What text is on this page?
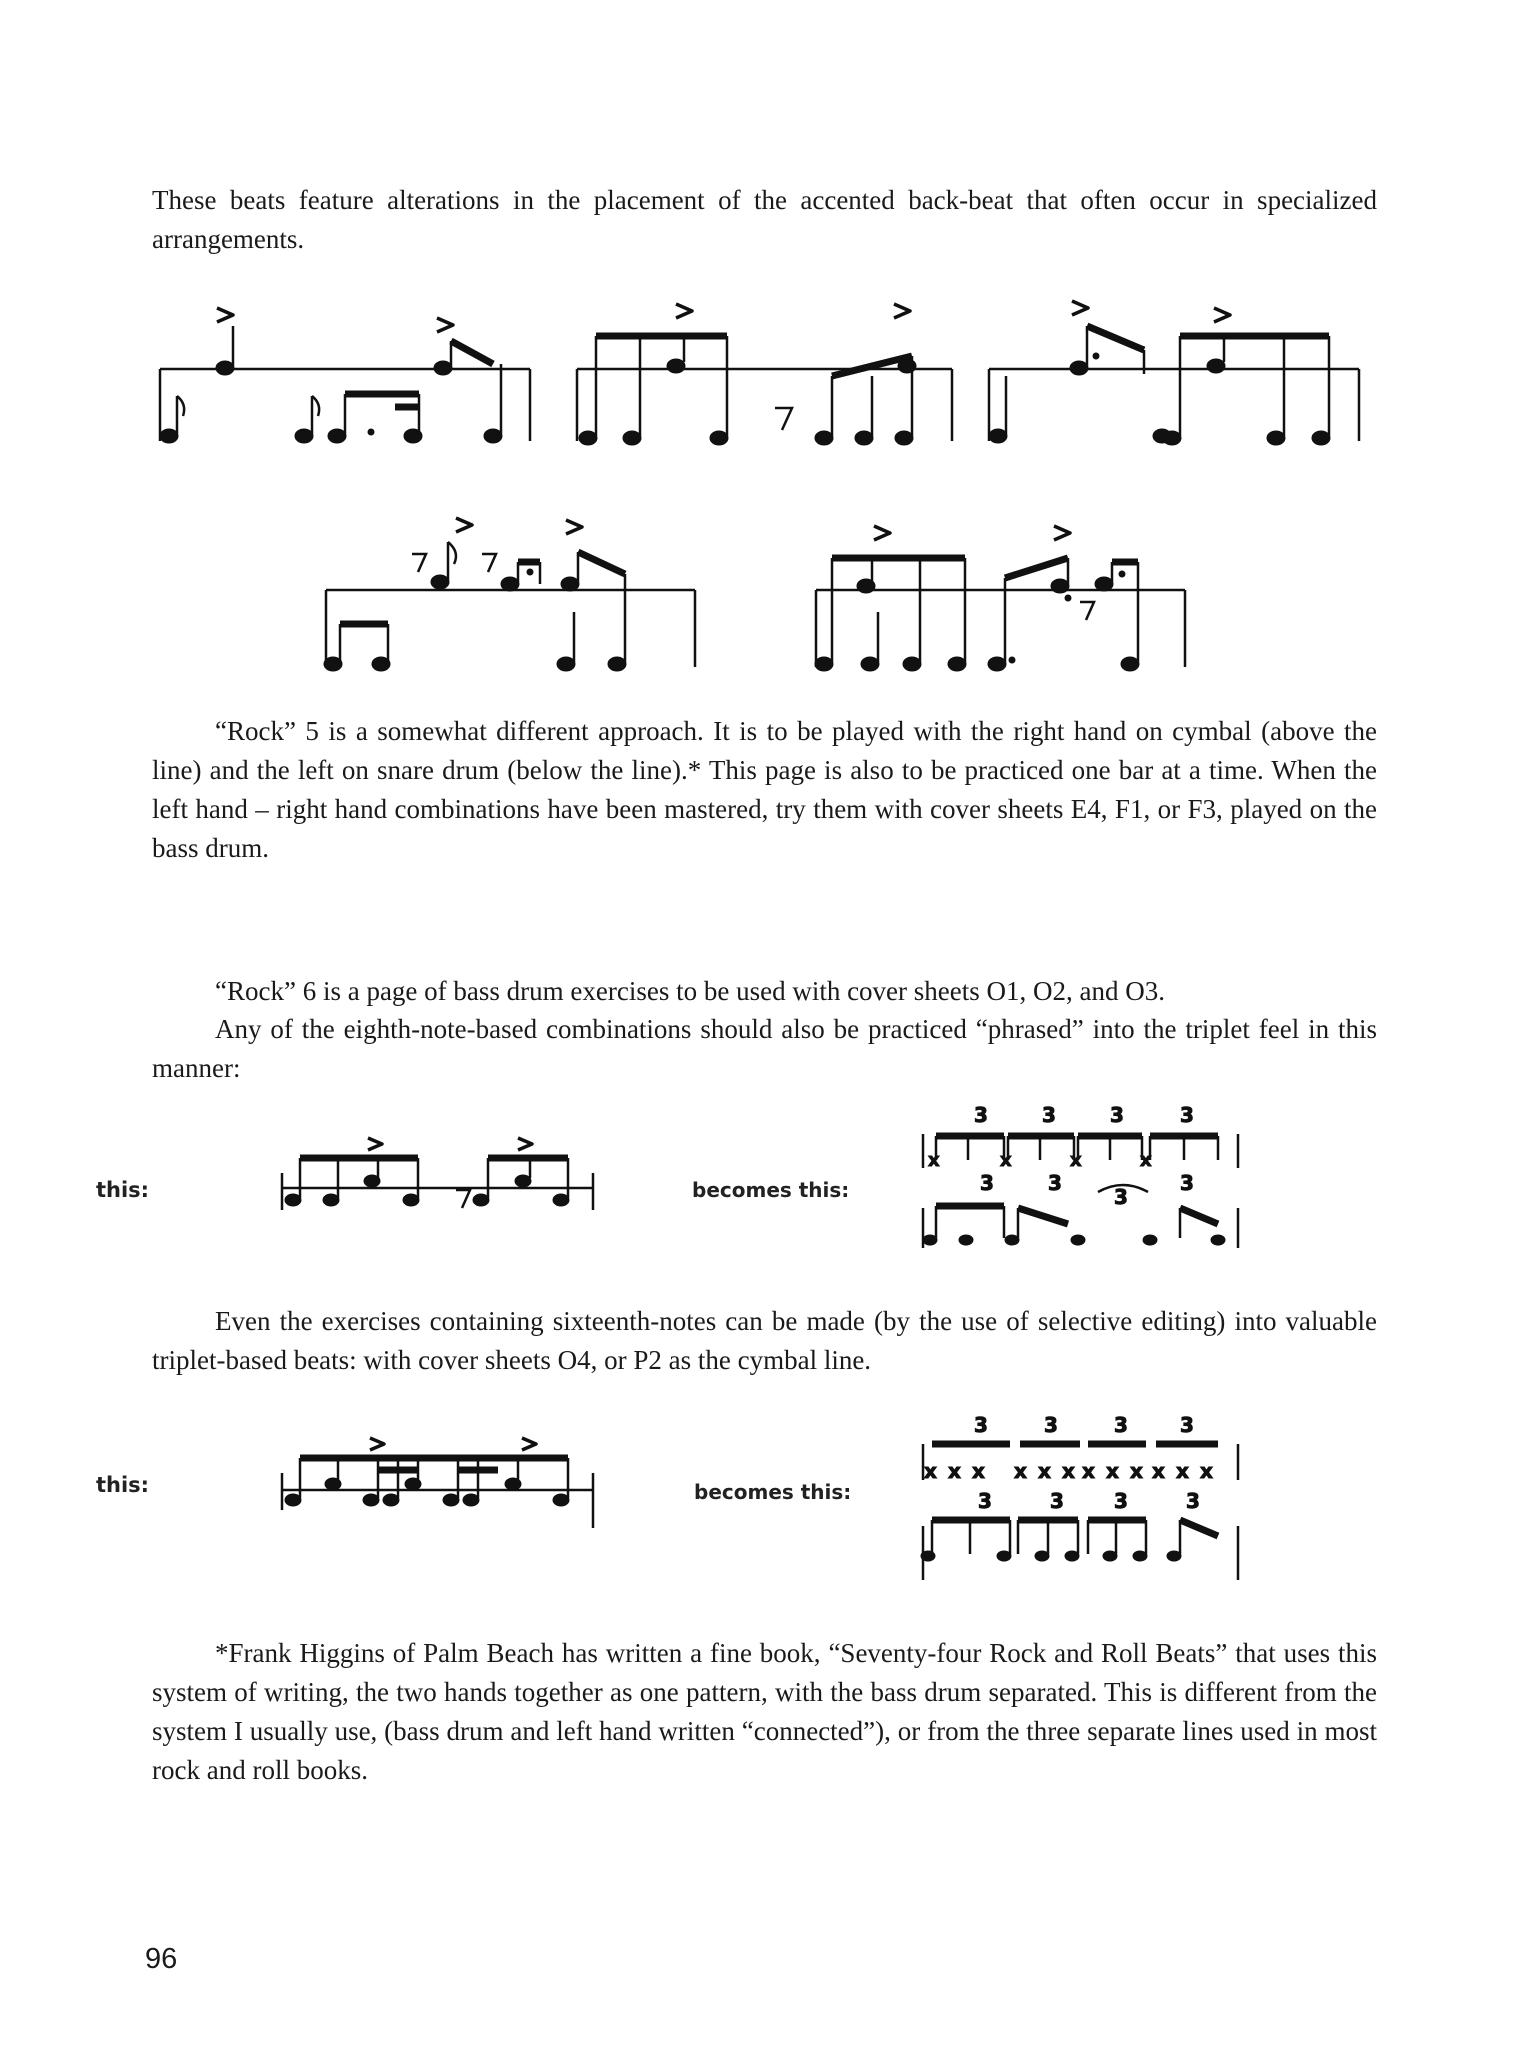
These beats feature alterations in the placement of the accented back-beat that often occur in specialized arrangements.

“Rock” 5 is a somewhat different approach. It is to be played with the right hand on cymbal (above the line) and the left on snare drum (below the line).* This page is also to be practiced one bar at a time. When the left hand – right hand combinations have been mastered, try them with cover sheets E4, F1, or F3, played on the bass drum.

“Rock” 6 is a page of bass drum exercises to be used with cover sheets O1, O2, and O3.

Any of the eighth-note-based combinations should also be practiced “phrased” into the triplet feel in this manner:

this:	becomes this:
3	3	3	3
x	x	x	x
3	3
3
3

Even the exercises containing sixteenth-notes can be made (by the use of selective editing) into valuable triplet-based beats: with cover sheets O4, or P2 as the cymbal line.

this:	becomes this:
3	3	3	3
x x x x x x x x x x x x
3	3	3	3

*Frank Higgins of Palm Beach has written a fine book, “Seventy-four Rock and Roll Beats” that uses this system of writing, the two hands together as one pattern, with the bass drum separated. This is different from the system I usually use, (bass drum and left hand written “connected”), or from the three separate lines used in most rock and roll books.

96
